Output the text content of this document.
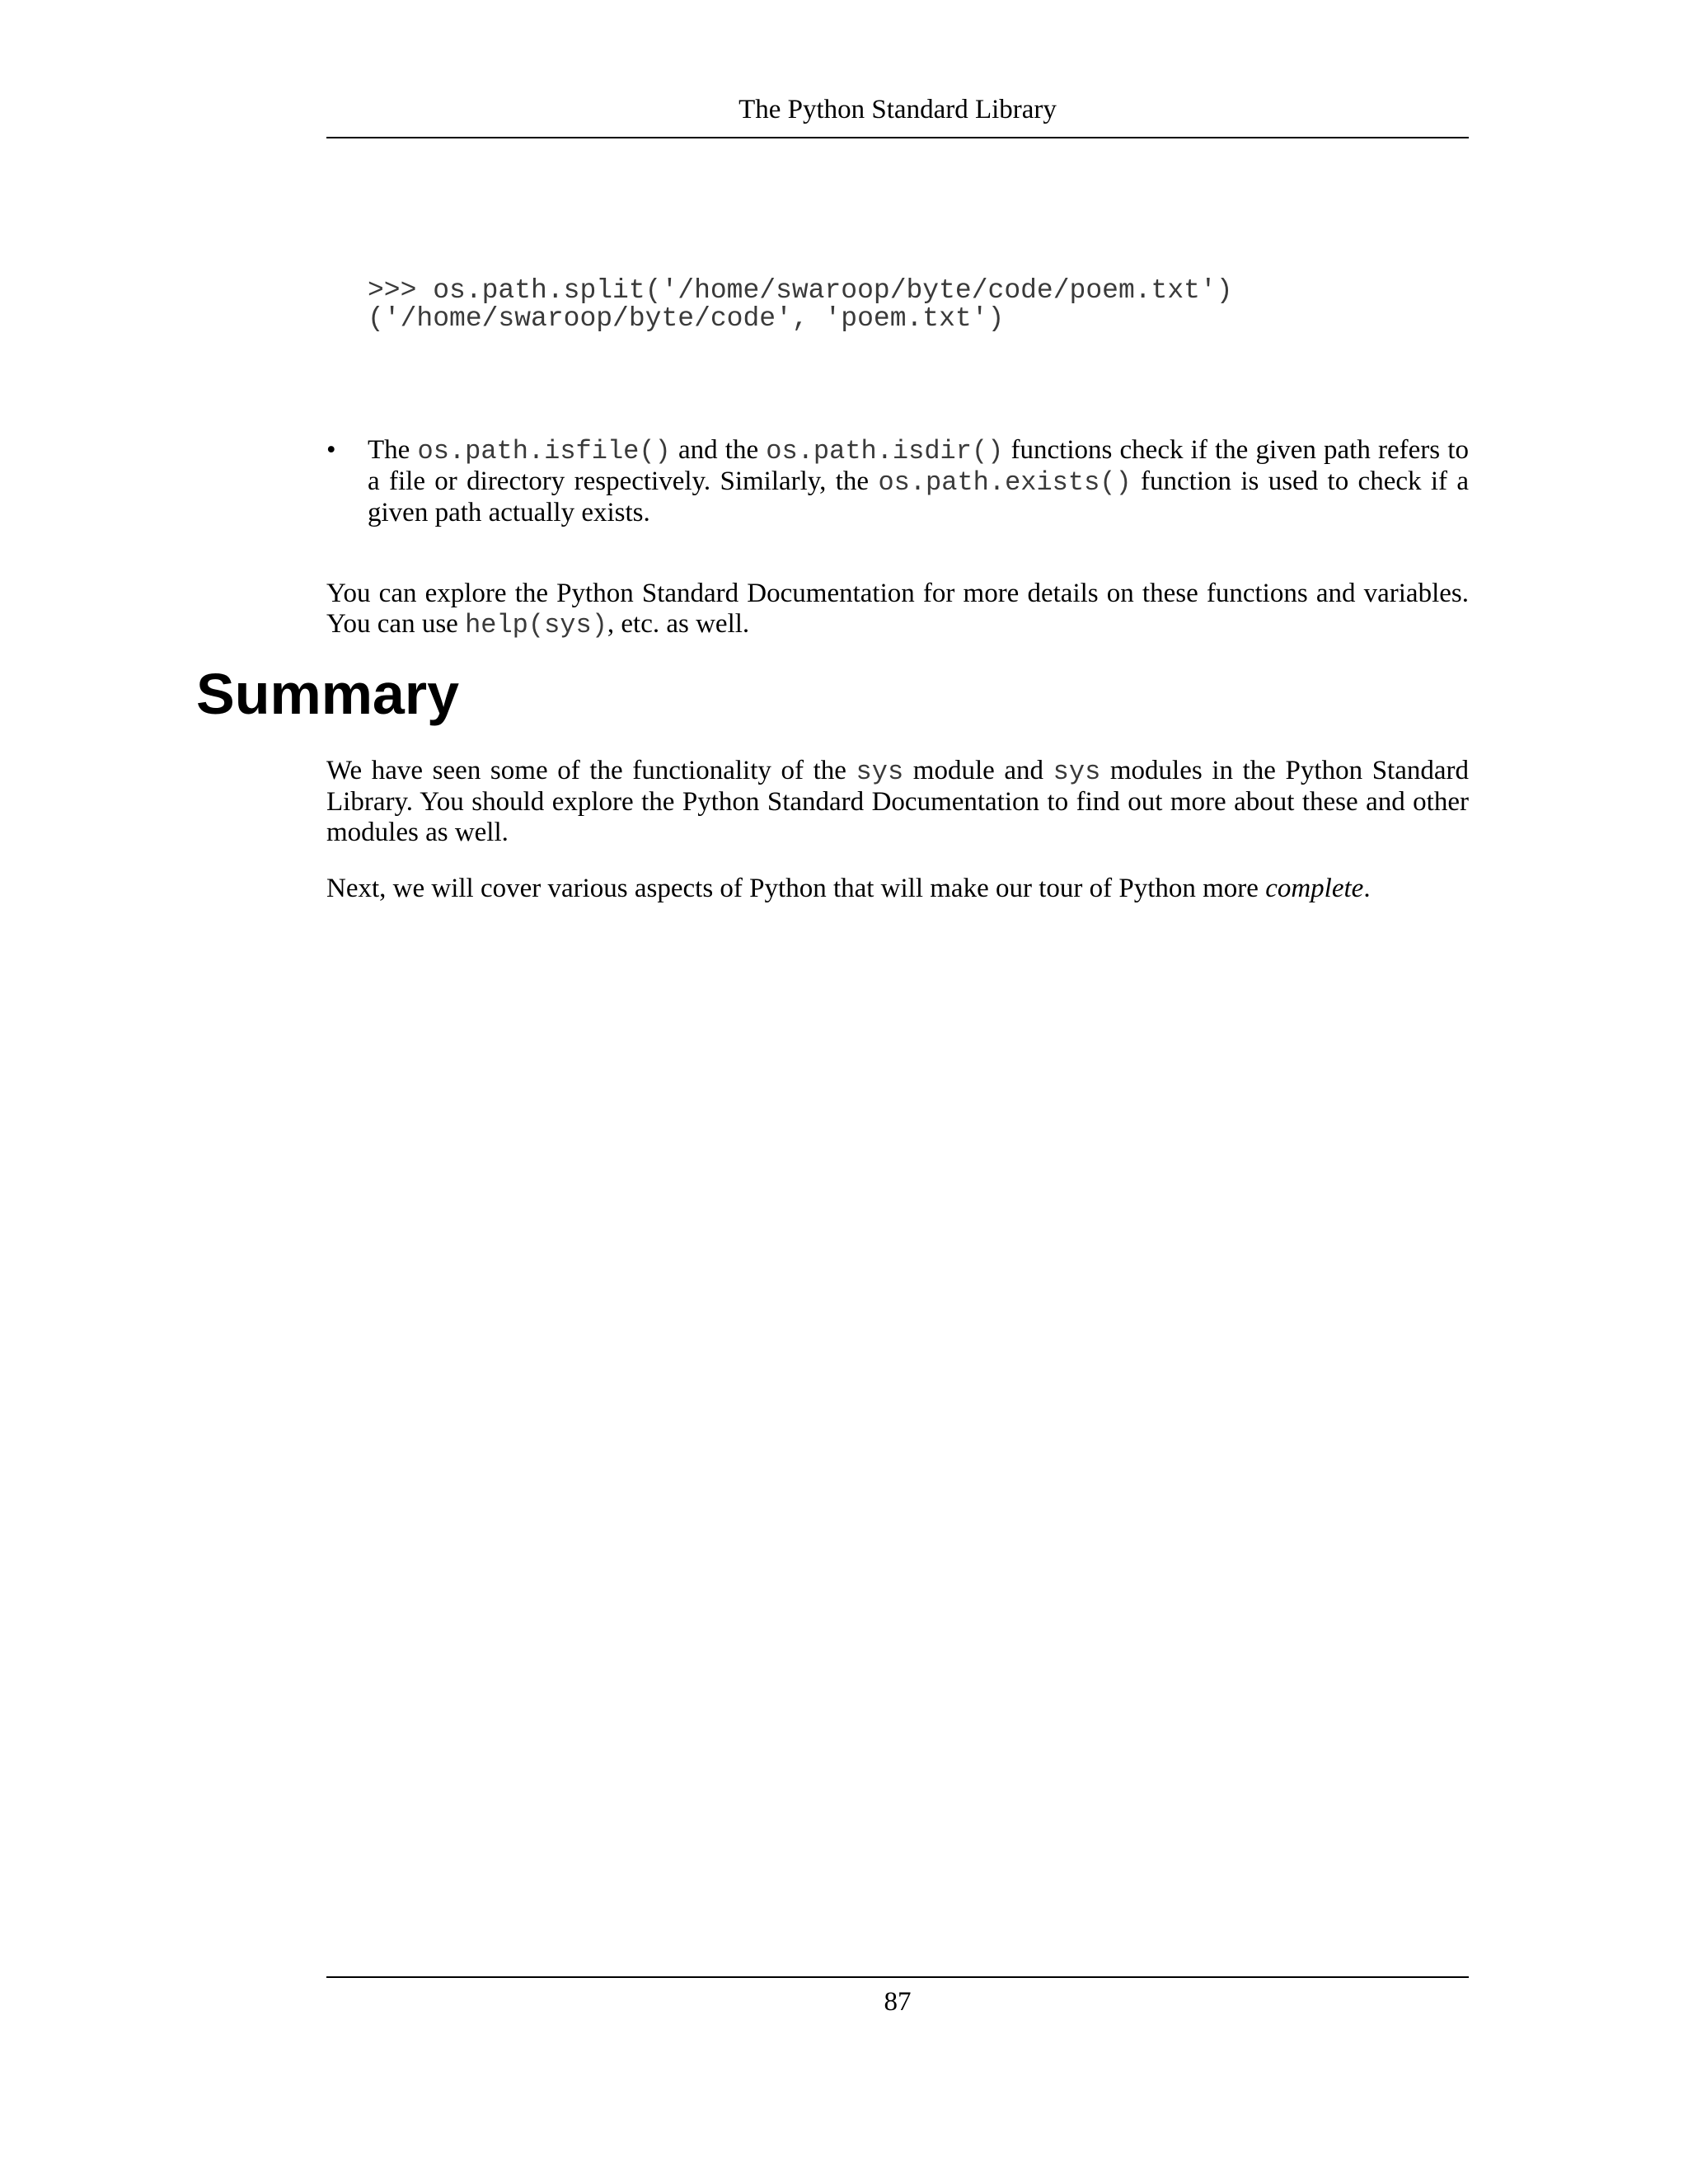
The Python Standard Library
>>> os.path.split('/home/swaroop/byte/code/poem.txt')
('/home/swaroop/byte/code', 'poem.txt')
• The os.path.isfile() and the os.path.isdir() functions check if the given path refers to a file or directory respectively. Similarly, the os.path.exists() function is used to check if a given path actually exists.

You can explore the Python Standard Documentation for more details on these functions and variables. You can use help(sys), etc. as well.

Summary

We have seen some of the functionality of the sys module and sys modules in the Python Standard Library. You should explore the Python Standard Documentation to find out more about these and other modules as well.

Next, we will cover various aspects of Python that will make our tour of Python more complete.

87
